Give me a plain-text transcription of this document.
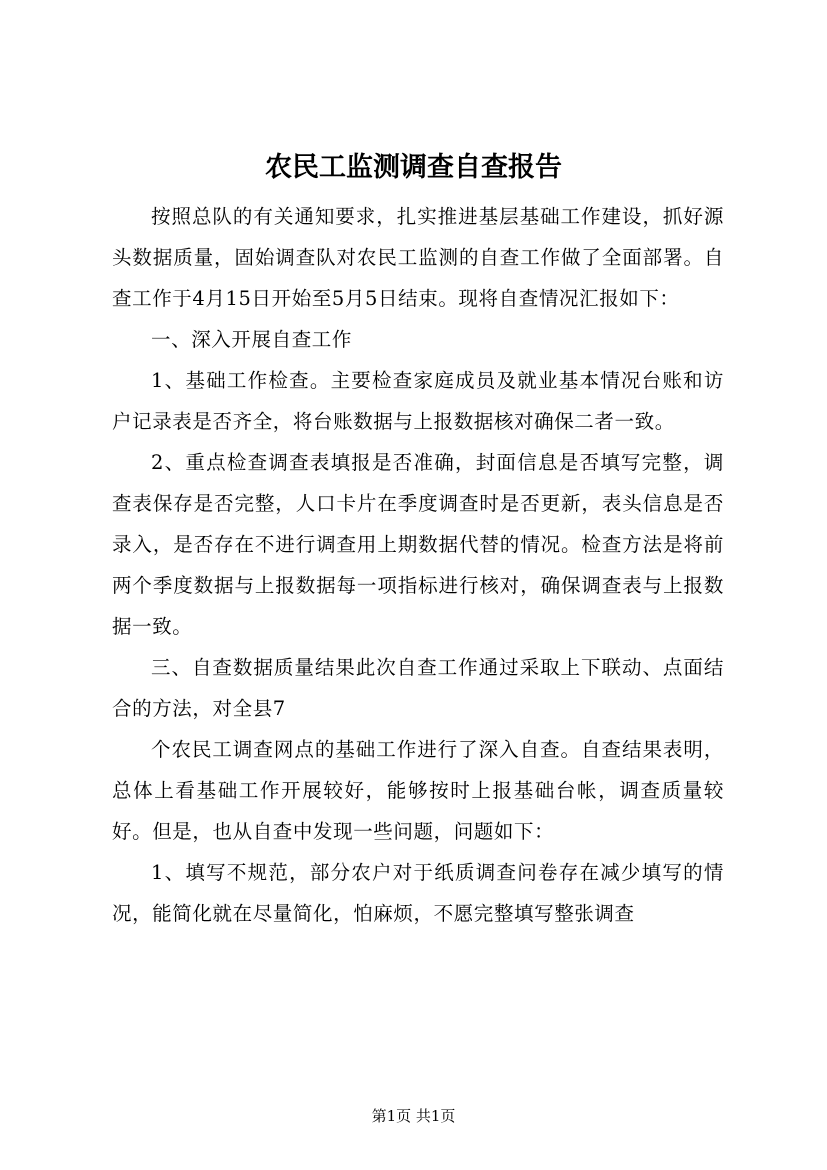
农民工监测调查自查报告

按照总队的有关通知要求，扎实推进基层基础工作建设，抓好源头数据质量，固始调查队对农民工监测的自查工作做了全面部署。自查工作于4月15日开始至5月5日结束。现将自查情况汇报如下：

一、深入开展自查工作

1、基础工作检查。主要检查家庭成员及就业基本情况台账和访户记录表是否齐全，将台账数据与上报数据核对确保二者一致。

2、重点检查调查表填报是否准确，封面信息是否填写完整，调查表保存是否完整，人口卡片在季度调查时是否更新，表头信息是否录入，是否存在不进行调查用上期数据代替的情况。检查方法是将前两个季度数据与上报数据每一项指标进行核对，确保调查表与上报数据一致。

三、自查数据质量结果此次自查工作通过采取上下联动、点面结合的方法，对全县7

个农民工调查网点的基础工作进行了深入自查。自查结果表明，总体上看基础工作开展较好，能够按时上报基础台帐，调查质量较好。但是，也从自查中发现一些问题，问题如下：

1、填写不规范，部分农户对于纸质调查问卷存在减少填写的情况，能简化就在尽量简化，怕麻烦，不愿完整填写整张调查

第1页 共1页
